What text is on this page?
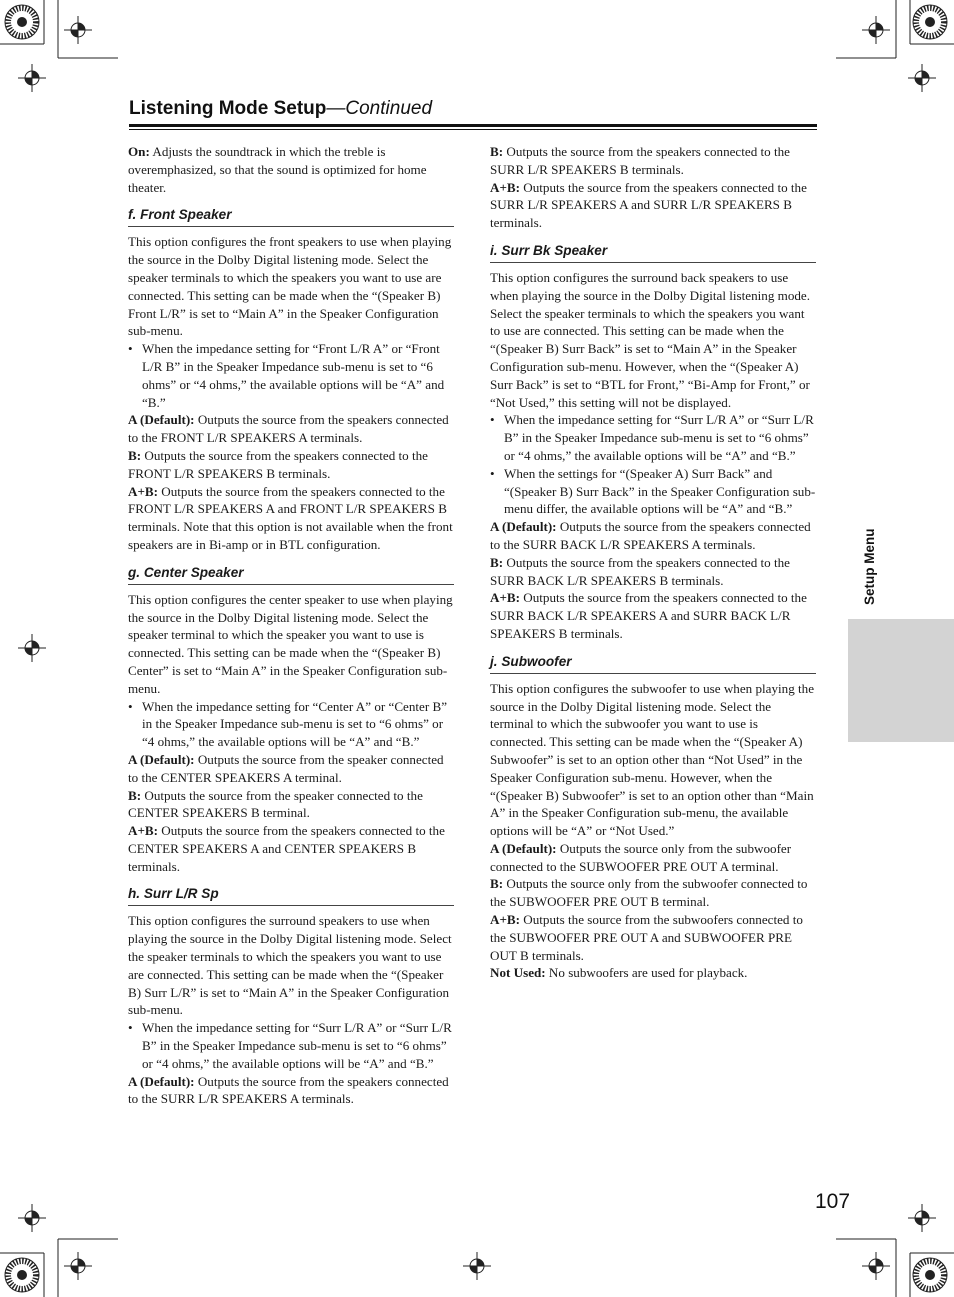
Listening Mode Setup—Continued

On: Adjusts the soundtrack in which the treble is overemphasized, so that the sound is optimized for home theater.

f. Front Speaker

This option configures the front speakers to use when playing the source in the Dolby Digital listening mode. Select the speaker terminals to which the speakers you want to use are connected. This setting can be made when the “(Speaker B) Front L/R” is set to “Main A” in the Speaker Configuration sub-menu.

• When the impedance setting for “Front L/R A” or “Front L/R B” in the Speaker Impedance sub-menu is set to “6 ohms” or “4 ohms,” the available options will be “A” and “B.”

A (Default): Outputs the source from the speakers connected to the FRONT L/R SPEAKERS A terminals.

B: Outputs the source from the speakers connected to the FRONT L/R SPEAKERS B terminals.

A+B: Outputs the source from the speakers connected to the FRONT L/R SPEAKERS A and FRONT L/R SPEAKERS B terminals. Note that this option is not available when the front speakers are in Bi-amp or in BTL configuration.

g. Center Speaker

This option configures the center speaker to use when playing the source in the Dolby Digital listening mode. Select the speaker terminal to which the speaker you want to use is connected. This setting can be made when the “(Speaker B) Center” is set to “Main A” in the Speaker Configuration sub-menu.

• When the impedance setting for “Center A” or “Center B” in the Speaker Impedance sub-menu is set to “6 ohms” or “4 ohms,” the available options will be “A” and “B.”

A (Default): Outputs the source from the speaker connected to the CENTER SPEAKERS A terminal.

B: Outputs the source from the speaker connected to the CENTER SPEAKERS B terminal.

A+B: Outputs the source from the speakers connected to the CENTER SPEAKERS A and CENTER SPEAKERS B terminals.

h. Surr L/R Sp

This option configures the surround speakers to use when playing the source in the Dolby Digital listening mode. Select the speaker terminals to which the speakers you want to use are connected. This setting can be made when the “(Speaker B) Surr L/R” is set to “Main A” in the Speaker Configuration sub-menu.

• When the impedance setting for “Surr L/R A” or “Surr L/R B” in the Speaker Impedance sub-menu is set to “6 ohms” or “4 ohms,” the available options will be “A” and “B.”

A (Default): Outputs the source from the speakers connected to the SURR L/R SPEAKERS A terminals.

B: Outputs the source from the speakers connected to the SURR L/R SPEAKERS B terminals.

A+B: Outputs the source from the speakers connected to the SURR L/R SPEAKERS A and SURR L/R SPEAKERS B terminals.

i. Surr Bk Speaker

This option configures the surround back speakers to use when playing the source in the Dolby Digital listening mode. Select the speaker terminals to which the speakers you want to use are connected. This setting can be made when the “(Speaker B) Surr Back” is set to “Main A” in the Speaker Configuration sub-menu. However, when the “(Speaker A) Surr Back” is set to “BTL for Front,” “Bi-Amp for Front,” or “Not Used,” this setting will not be displayed.

• When the impedance setting for “Surr L/R A” or “Surr L/R B” in the Speaker Impedance sub-menu is set to “6 ohms” or “4 ohms,” the available options will be “A” and “B.”

• When the settings for “(Speaker A) Surr Back” and “(Speaker B) Surr Back” in the Speaker Configuration sub-menu differ, the available options will be “A” and “B.”

A (Default): Outputs the source from the speakers connected to the SURR BACK L/R SPEAKERS A terminals.

B: Outputs the source from the speakers connected to the SURR BACK L/R SPEAKERS B terminals.

A+B: Outputs the source from the speakers connected to the SURR BACK L/R SPEAKERS A and SURR BACK L/R SPEAKERS B terminals.

j. Subwoofer

This option configures the subwoofer to use when playing the source in the Dolby Digital listening mode. Select the terminal to which the subwoofer you want to use is connected. This setting can be made when the “(Speaker A) Subwoofer” is set to an option other than “Not Used” in the Speaker Configuration sub-menu. However, when the “(Speaker B) Subwoofer” is set to an option other than “Main A” in the Speaker Configuration sub-menu, the available options will be “A” or “Not Used.”

A (Default): Outputs the source only from the subwoofer connected to the SUBWOOFER PRE OUT A terminal.

B: Outputs the source only from the subwoofer connected to the SUBWOOFER PRE OUT B terminal.

A+B: Outputs the source from the subwoofers connected to the SUBWOOFER PRE OUT A and SUBWOOFER PRE OUT B terminals.

Not Used: No subwoofers are used for playback.

Setup Menu
107
